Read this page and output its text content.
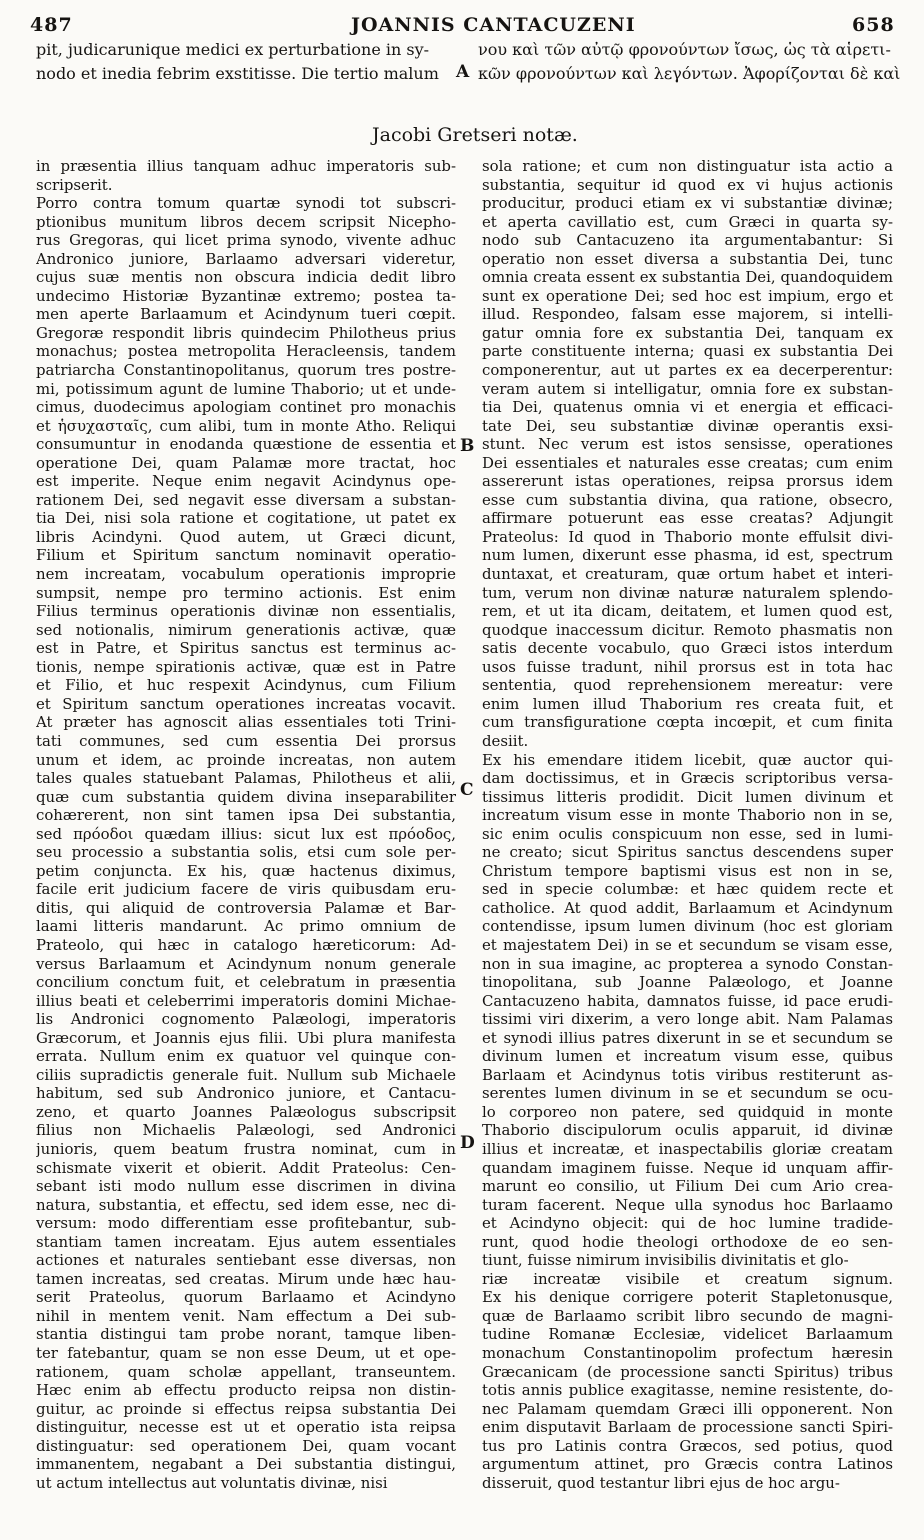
487	JOANNIS CANTACUZENI	658
pit, judicarunique medici ex perturbatione in sy-
nodo et inedia febrim exstitisse. Die tertio malum A
νου καὶ τῶν αὐτῷ φρονούντων ἴσως, ὡς τὰ αἱρετι-
κῶν φρονούντων καὶ λεγόντων. Ἀφορίζονται δὲ καὶ
Jacobi Gretseri notæ.
in præsentia illius tanquam adhuc imperatoris sub-
scripserit.
Porro contra tomum quartæ synodi tot subscri-
ptionibus munitum libros decem scripsit Nicepho-
rus Gregoras, qui licet prima synodo, vivente adhuc
Andronico juniore, Barlaamo adversari videretur,
cujus suæ mentis non obscura indicia dedit libro
undecimo Historiæ Byzantinæ extremo; postea ta-
men aperte Barlaamum et Acindynum tueri cœpit.
Gregoræ respondit libris quindecim Philotheus prius
monachus; postea metropolita Heracleensis, tandem
patriarcha Constantinopolitanus, quorum tres postre-
mi, potissimum agunt de lumine Thaborio; ut et unde-
cimus, duodecimus apologiam continet pro monachis
et ἡσυχασταῖς, cum alibi, tum in monte Atho. Reliqui
consumuntur in enodanda quæstione de essentia et
operatione Dei, quam Palamæ more tractat, hoc
est imperite. Neque enim negavit Acindynus ope-
rationem Dei, sed negavit esse diversam a substan-
tia Dei, nisi sola ratione et cogitatione, ut patet ex
libris Acindyni. Quod autem, ut Græci dicunt,
Filium et Spiritum sanctum nominavit operatio-
nem increatam, vocabulum operationis improprie
sumpsit, nempe pro termino actionis. Est enim
Filius terminus operationis divinæ non essentialis,
sed notionalis, nimirum generationis activæ, quæ
est in Patre, et Spiritus sanctus est terminus ac-
tionis, nempe spirationis activæ, quæ est in Patre
et Filio, et huc respexit Acindynus, cum Filium
et Spiritum sanctum operationes increatas vocavit.
At præter has agnoscit alias essentiales toti Trini-
tati communes, sed cum essentia Dei prorsus
unum et idem, ac proinde increatas, non autem
tales quales statuebant Palamas, Philotheus et alii,
quæ cum substantia quidem divina inseparabiliter
cohærerent, non sint tamen ipsa Dei substantia,
sed πρόοδοι quædam illius: sicut lux est πρόοδος,
seu processio a substantia solis, etsi cum sole per-
petim conjuncta. Ex his, quæ hactenus diximus,
facile erit judicium facere de viris quibusdam eru-
ditis, qui aliquid de controversia Palamæ et Bar-
laami litteris mandarunt. Ac primo omnium de
Prateolo, qui hæc in catalogo hæreticorum: Ad-
versus Barlaamum et Acindynum nonum generale
concilium conctum fuit, et celebratum in præsentia
illius beati et celeberrimi imperatoris domini Michae-
lis Andronici cognomento Palæologi, imperatoris
Græcorum, et Joannis ejus filii. Ubi plura manifesta
errata. Nullum enim ex quatuor vel quinque con-
ciliis supradictis generale fuit. Nullum sub Michaele
habitum, sed sub Andronico juniore, et Cantacu-
zeno, et quarto Joannes Palæologus subscripsit
filius non Michaelis Palæologi, sed Andronici
junioris, quem beatum frustra nominat, cum in
schismate vixerit et obierit. Addit Prateolus: Cen-
sebant isti modo nullum esse discrimen in divina
natura, substantia, et effectu, sed idem esse, nec di-
versum: modo differentiam esse profitebantur, sub-
stantiam tamen increatam. Ejus autem essentiales
actiones et naturales sentiebant esse diversas, non
tamen increatas, sed creatas. Mirum unde hæc hau-
serit Prateolus, quorum Barlaamo et Acindyno
nihil in mentem venit. Nam effectum a Dei sub-
stantia distingui tam probe norant, tamque liben-
ter fatebantur, quam se non esse Deum, ut et ope-
rationem, quam scholæ appellant, transeuntem.
Hæc enim ab effectu producto reipsa non distin-
guitur, ac proinde si effectus reipsa substantia Dei
distinguitur, necesse est ut et operatio ista reipsa
distinguatur: sed operationem Dei, quam vocant
immanentem, negabant a Dei substantia distingui,
ut actum intellectus aut voluntatis divinæ, nisi
sola ratione; et cum non distinguatur ista actio a
substantia, sequitur id quod ex vi hujus actionis
producitur, produci etiam ex vi substantiæ divinæ;
et aperta cavillatio est, cum Græci in quarta sy-
nodo sub Cantacuzeno ita argumentabantur: Si
operatio non esset diversa a substantia Dei, tunc
omnia creata essent ex substantia Dei, quandoquidem
sunt ex operatione Dei; sed hoc est impium, ergo et
illud. Respondeo, falsam esse majorem, si intelli-
gatur omnia fore ex substantia Dei, tanquam ex
parte constituente interna; quasi ex substantia Dei
componerentur, aut ut partes ex ea decerperentur:
veram autem si intelligatur, omnia fore ex substan-
tia Dei, quatenus omnia vi et energia et efficaci-
tate Dei, seu substantiæ divinæ operantis exsi-
stunt. Nec verum est istos sensisse, operationes
Dei essentiales et naturales esse creatas; cum enim
assererunt istas operationes, reipsa prorsus idem
esse cum substantia divina, qua ratione, obsecro,
affirmare potuerunt eas esse creatas? Adjungit
Prateolus: Id quod in Thaborio monte effulsit divi-
num lumen, dixerunt esse phasma, id est, spectrum
duntaxat, et creaturam, quæ ortum habet et interi-
tum, verum non divinæ naturæ naturalem splendo-
rem, et ut ita dicam, deitatem, et lumen quod est,
quodque inaccessum dicitur. Remoto phasmatis non
satis decente vocabulo, quo Græci istos interdum
usos fuisse tradunt, nihil prorsus est in tota hac
sententia, quod reprehensionem mereatur: vere
enim lumen illud Thaborium res creata fuit, et
cum transfiguratione cœpta incœpit, et cum finita
desiit.
Ex his emendare itidem licebit, quæ auctor qui-
dam doctissimus, et in Græcis scriptoribus versa-
tissimus litteris prodidit. Dicit lumen divinum et
increatum visum esse in monte Thaborio non in se,
sic enim oculis conspicuum non esse, sed in lumi-
ne creato; sicut Spiritus sanctus descendens super
Christum tempore baptismi visus est non in se,
sed in specie columbæ: et hæc quidem recte et
catholice. At quod addit, Barlaamum et Acindynum
contendisse, ipsum lumen divinum (hoc est gloriam
et majestatem Dei) in se et secundum se visam esse,
non in sua imagine, ac propterea a synodo Constan-
tinopolitana, sub Joanne Palæologo, et Joanne
Cantacuzeno habita, damnatos fuisse, id pace erudi-
tissimi viri dixerim, a vero longe abit. Nam Palamas
et synodi illius patres dixerunt in se et secundum se
divinum lumen et increatum visum esse, quibus
Barlaam et Acindynus totis viribus restiterunt as-
serentes lumen divinum in se et secundum se ocu-
lo corporeo non patere, sed quidquid in monte
Thaborio discipulorum oculis apparuit, id divinæ
illius et increatæ, et inaspectabilis gloriæ creatam
quandam imaginem fuisse. Neque id unquam affir-
marunt eo consilio, ut Filium Dei cum Ario crea-
turam facerent. Neque ulla synodus hoc Barlaamo
et Acindyno objecit: qui de hoc lumine tradide-
runt, quod hodie theologi orthodoxe de eo sen-
tiunt, fuisse nimirum invisibilis divinitatis et glo-
riæ increatæ visibile et creatum signum.
Ex his denique corrigere poterit Stapletonusque,
quæ de Barlaamo scribit libro secundo de magni-
tudine Romanæ Ecclesiæ, videlicet Barlaamum
monachum Constantinopolim profectum hæresin
Græcanicam (de processione sancti Spiritus) tribus
totis annis publice exagitasse, nemine resistente, do-
nec Palamam quemdam Græci illi opponerent. Non
enim disputavit Barlaam de processione sancti Spiri-
tus pro Latinis contra Græcos, sed potius, quod
argumentum attinet, pro Græcis contra Latinos
disseruit, quod testantur libri ejus de hoc argu-
B
C
D
